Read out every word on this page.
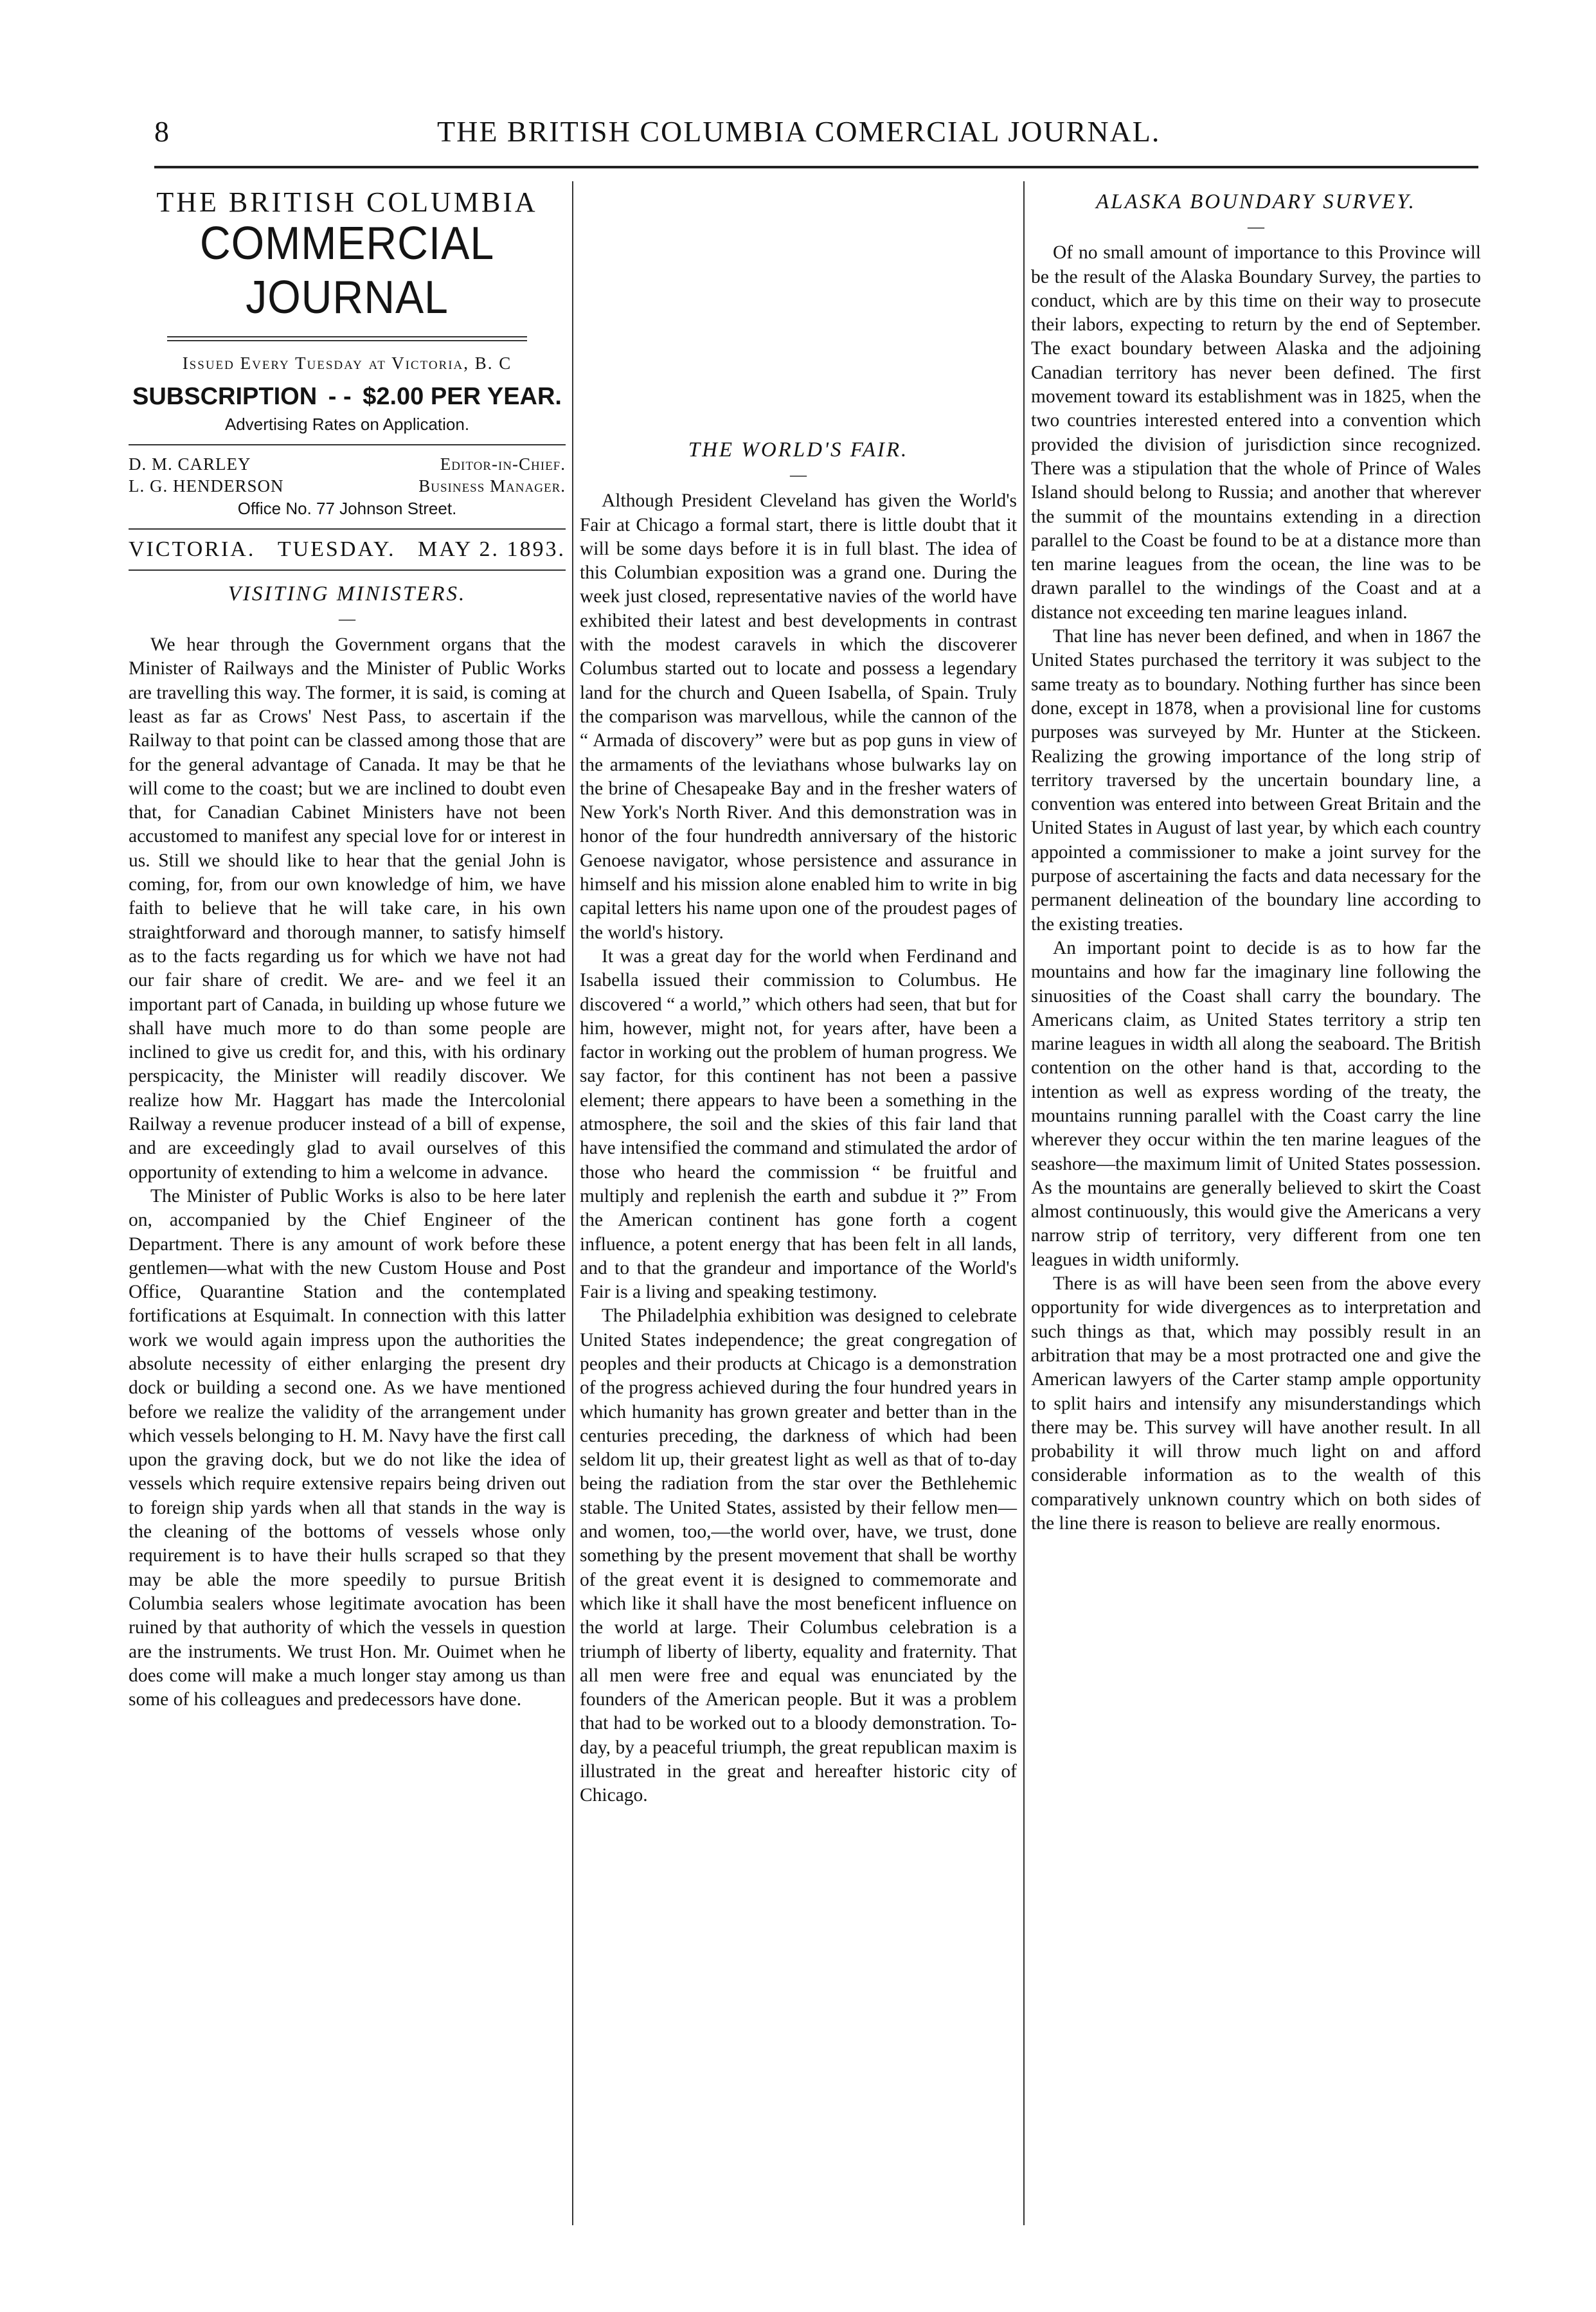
8	THE BRITISH COLUMBIA COMERCIAL JOURNAL.
THE BRITISH COLUMBIA
COMMERCIAL JOURNAL
Issued Every Tuesday at Victoria, B. C
SUBSCRIPTION - - $2.00 PER YEAR.
Advertising Rates on Application.
D. M. CARLEY	Editor-in-Chief.
L. G. HENDERSON	Business Manager.
Office No. 77 Johnson Street.
VICTORIA. TUESDAY. MAY 2. 1893.
VISITING MINISTERS.
—

We hear through the Government organs that the Minister of Railways and the Minister of Public Works are travelling this way. The former, it is said, is coming at least as far as Crows' Nest Pass, to ascertain if the Railway to that point can be classed among those that are for the general advantage of Canada. It may be that he will come to the coast; but we are inclined to doubt even that, for Canadian Cabinet Ministers have not been accustomed to manifest any special love for or interest in us. Still we should like to hear that the genial John is coming, for, from our own knowledge of him, we have faith to believe that he will take care, in his own straightforward and thorough manner, to satisfy himself as to the facts regarding us for which we have not had our fair share of credit. We are- and we feel it an important part of Canada, in building up whose future we shall have much more to do than some people are inclined to give us credit for, and this, with his ordinary perspicacity, the Minister will readily discover. We realize how Mr. Haggart has made the Intercolonial Railway a revenue producer instead of a bill of expense, and are exceedingly glad to avail ourselves of this opportunity of extending to him a welcome in advance.

The Minister of Public Works is also to be here later on, accompanied by the Chief Engineer of the Department. There is any amount of work before these gentlemen—what with the new Custom House and Post Office, Quarantine Station and the contemplated fortifications at Esquimalt. In connection with this latter work we would again impress upon the authorities the absolute necessity of either enlarging the present dry dock or building a second one. As we have mentioned before we realize the validity of the arrangement under which vessels belonging to H. M. Navy have the first call upon the graving dock, but we do not like the idea of vessels which require extensive repairs being driven out to foreign ship yards when all that stands in the way is the cleaning of the bottoms of vessels whose only requirement is to have their hulls scraped so that they may be able the more speedily to pursue British Columbia sealers whose legitimate avocation has been ruined by that authority of which the vessels in question are the instruments. We trust Hon. Mr. Ouimet when he does come will make a much longer stay among us than some of his colleagues and predecessors have done.

THE WORLD'S FAIR.
—

Although President Cleveland has given the World's Fair at Chicago a formal start, there is little doubt that it will be some days before it is in full blast. The idea of this Columbian exposition was a grand one. During the week just closed, representative navies of the world have exhibited their latest and best developments in contrast with the modest caravels in which the discoverer Columbus started out to locate and possess a legendary land for the church and Queen Isabella, of Spain. Truly the comparison was marvellous, while the cannon of the “ Armada of discovery” were but as pop guns in view of the armaments of the leviathans whose bulwarks lay on the brine of Chesapeake Bay and in the fresher waters of New York's North River. And this demonstration was in honor of the four hundredth anniversary of the historic Genoese navigator, whose persistence and assurance in himself and his mission alone enabled him to write in big capital letters his name upon one of the proudest pages of the world's history.

It was a great day for the world when Ferdinand and Isabella issued their commission to Columbus. He discovered “ a world,” which others had seen, that but for him, however, might not, for years after, have been a factor in working out the problem of human progress. We say factor, for this continent has not been a passive element; there appears to have been a something in the atmosphere, the soil and the skies of this fair land that have intensified the command and stimulated the ardor of those who heard the commission “ be fruitful and multiply and replenish the earth and subdue it ?” From the American continent has gone forth a cogent influence, a potent energy that has been felt in all lands, and to that the grandeur and importance of the World's Fair is a living and speaking testimony.

The Philadelphia exhibition was designed to celebrate United States independence; the great congregation of peoples and their products at Chicago is a demonstration of the progress achieved during the four hundred years in which humanity has grown greater and better than in the centuries preceding, the darkness of which had been seldom lit up, their greatest light as well as that of to-day being the radiation from the star over the Bethlehemic stable. The United States, assisted by their fellow men—and women, too,—the world over, have, we trust, done something by the present movement that shall be worthy of the great event it is designed to commemorate and which like it shall have the most beneficent influence on the world at large. Their Columbus celebration is a triumph of liberty of liberty, equality and fraternity. That all men were free and equal was enunciated by the founders of the American people. But it was a problem that had to be worked out to a bloody demonstration. To-day, by a peaceful triumph, the great republican maxim is illustrated in the great and hereafter historic city of Chicago.

ALASKA BOUNDARY SURVEY.
—

Of no small amount of importance to this Province will be the result of the Alaska Boundary Survey, the parties to conduct, which are by this time on their way to prosecute their labors, expecting to return by the end of September. The exact boundary between Alaska and the adjoining Canadian territory has never been defined. The first movement toward its establishment was in 1825, when the two countries interested entered into a convention which provided the division of jurisdiction since recognized. There was a stipulation that the whole of Prince of Wales Island should belong to Russia; and another that wherever the summit of the mountains extending in a direction parallel to the Coast be found to be at a distance more than ten marine leagues from the ocean, the line was to be drawn parallel to the windings of the Coast and at a distance not exceeding ten marine leagues inland.

That line has never been defined, and when in 1867 the United States purchased the territory it was subject to the same treaty as to boundary. Nothing further has since been done, except in 1878, when a provisional line for customs purposes was surveyed by Mr. Hunter at the Stickeen. Realizing the growing importance of the long strip of territory traversed by the uncertain boundary line, a convention was entered into between Great Britain and the United States in August of last year, by which each country appointed a commissioner to make a joint survey for the purpose of ascertaining the facts and data necessary for the permanent delineation of the boundary line according to the existing treaties.

An important point to decide is as to how far the mountains and how far the imaginary line following the sinuosities of the Coast shall carry the boundary. The Americans claim, as United States territory a strip ten marine leagues in width all along the seaboard. The British contention on the other hand is that, according to the intention as well as express wording of the treaty, the mountains running parallel with the Coast carry the line wherever they occur within the ten marine leagues of the seashore—the maximum limit of United States possession. As the mountains are generally believed to skirt the Coast almost continuously, this would give the Americans a very narrow strip of territory, very different from one ten leagues in width uniformly.

There is as will have been seen from the above every opportunity for wide divergences as to interpretation and such things as that, which may possibly result in an arbitration that may be a most protracted one and give the American lawyers of the Carter stamp ample opportunity to split hairs and intensify any misunderstandings which there may be. This survey will have another result. In all probability it will throw much light on and afford considerable information as to the wealth of this comparatively unknown country which on both sides of the line there is reason to believe are really enormous.
